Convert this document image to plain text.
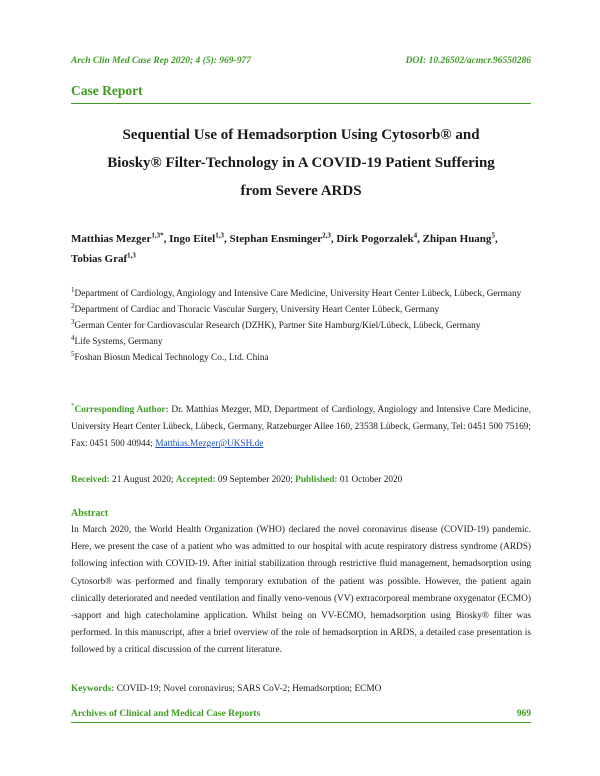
Arch Clin Med Case Rep 2020; 4 (5): 969-977	DOI: 10.26502/acmcr.96550286
Case Report
Sequential Use of Hemadsorption Using Cytosorb® and
Biosky® Filter-Technology in A COVID-19 Patient Suffering
from Severe ARDS
Matthias Mezger$^{1,3*}$, Ingo Eitel$^{1,3}$, Stephan Ensminger$^{2,3}$, Dirk Pogorzalek$^4$, Zhipan Huang$^5$,
Tobias Graf$^{1,3}$
$^1$Department of Cardiology, Angiology and Intensive Care Medicine, University Heart Center Lübeck, Lübeck, Germany
$^2$Department of Cardiac and Thoracic Vascular Surgery, University Heart Center Lübeck, Germany
$^3$German Center for Cardiovascular Research (DZHK), Partner Site Hamburg/Kiel/Lübeck, Lübeck, Germany
$^4$Life Systems, Germany
$^5$Foshan Biosun Medical Technology Co., Ltd. China
*Corresponding Author: Dr. Matthias Mezger, MD, Department of Cardiology, Angiology and Intensive Care Medicine, University Heart Center Lübeck, Lübeck, Germany, Ratzeburger Allee 160, 23538 Lübeck, Germany, Tel: 0451 500 75169; Fax: 0451 500 40944; Matthias.Mezger@UKSH.de
Received: 21 August 2020; Accepted: 09 September 2020; Published: 01 October 2020
Abstract
In March 2020, the World Health Organization (WHO) declared the novel coronavirus disease (COVID-19) pandemic. Here, we present the case of a patient who was admitted to our hospital with acute respiratory distress syndrome (ARDS) following infection with COVID-19. After initial stabilization through restrictive fluid management, hemadsorption using Cytosorb® was performed and finally temporary extubation of the patient was possible. However, the patient again clinically deteriorated and needed ventilation and finally veno-venous (VV) extracorporeal membrane oxygenator (ECMO) -sapport and high catecholamine application. Whilst being on VV-ECMO, hemadsorption using Biosky® filter was performed. In this manuscript, after a brief overview of the role of hemadsorption in ARDS, a detailed case presentation is followed by a critical discussion of the current literature.
Keywords: COVID-19; Novel coronavirus; SARS CoV-2; Hemadsorption; ECMO
Archives of Clinical and Medical Case Reports	969
